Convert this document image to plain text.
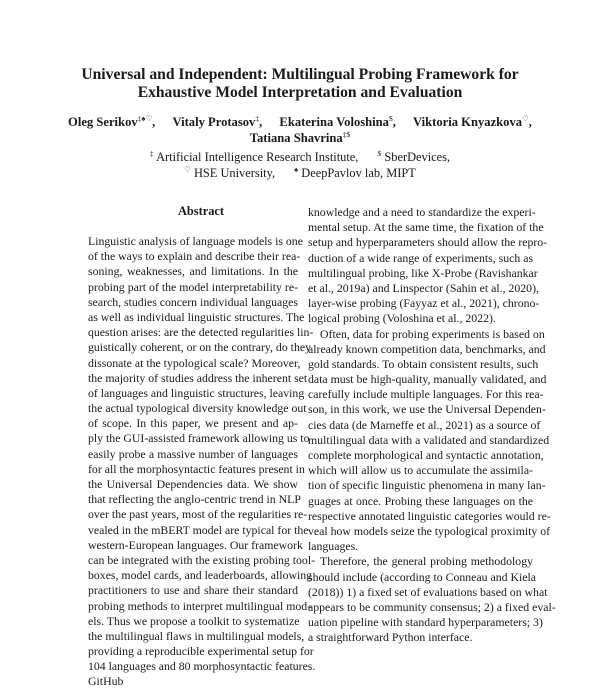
Universal and Independent: Multilingual Probing Framework for
Exhaustive Model Interpretation and Evaluation
Oleg Serikov‡♠♡, Vitaly Protasov‡, Ekaterina Voloshina$, Viktoria Knyazkova♡,
Tatiana Shavrina‡$
‡ Artificial Intelligence Research Institute,	$ SberDevices,
♡ HSE University,	♠ DeepPavlov lab, MIPT
Abstract
Linguistic analysis of language models is one
of the ways to explain and describe their rea-
soning, weaknesses, and limitations. In the
probing part of the model interpretability re-
search, studies concern individual languages
as well as individual linguistic structures. The
question arises: are the detected regularities lin-
guistically coherent, or on the contrary, do they
dissonate at the typological scale? Moreover,
the majority of studies address the inherent set
of languages and linguistic structures, leaving
the actual typological diversity knowledge out
of scope. In this paper, we present and ap-
ply the GUI-assisted framework allowing us to
easily probe a massive number of languages
for all the morphosyntactic features present in
the Universal Dependencies data. We show
that reflecting the anglo-centric trend in NLP
over the past years, most of the regularities re-
vealed in the mBERT model are typical for the
western-European languages. Our framework
can be integrated with the existing probing tool-
boxes, model cards, and leaderboards, allowing
practitioners to use and share their standard
probing methods to interpret multilingual mod-
els. Thus we propose a toolkit to systematize
the multilingual flaws in multilingual models,
providing a reproducible experimental setup for
104 languages and 80 morphosyntactic features.
GitHub
knowledge and a need to standardize the experi-
mental setup. At the same time, the fixation of the
setup and hyperparameters should allow the repro-
duction of a wide range of experiments, such as
multilingual probing, like X-Probe (Ravishankar
et al., 2019a) and Linspector (Sahin et al., 2020),
layer-wise probing (Fayyaz et al., 2021), chrono-
logical probing (Voloshina et al., 2022).
Often, data for probing experiments is based on
already known competition data, benchmarks, and
gold standards. To obtain consistent results, such
data must be high-quality, manually validated, and
carefully include multiple languages. For this rea-
son, in this work, we use the Universal Dependen-
cies data (de Marneffe et al., 2021) as a source of
multilingual data with a validated and standardized
complete morphological and syntactic annotation,
which will allow us to accumulate the assimila-
tion of specific linguistic phenomena in many lan-
guages at once. Probing these languages on the
respective annotated linguistic categories would re-
veal how models seize the typological proximity of
languages.
Therefore, the general probing methodology
should include (according to Conneau and Kiela
(2018)) 1) a fixed set of evaluations based on what
appears to be community consensus; 2) a fixed eval-
uation pipeline with standard hyperparameters; 3)
a straightforward Python interface.
